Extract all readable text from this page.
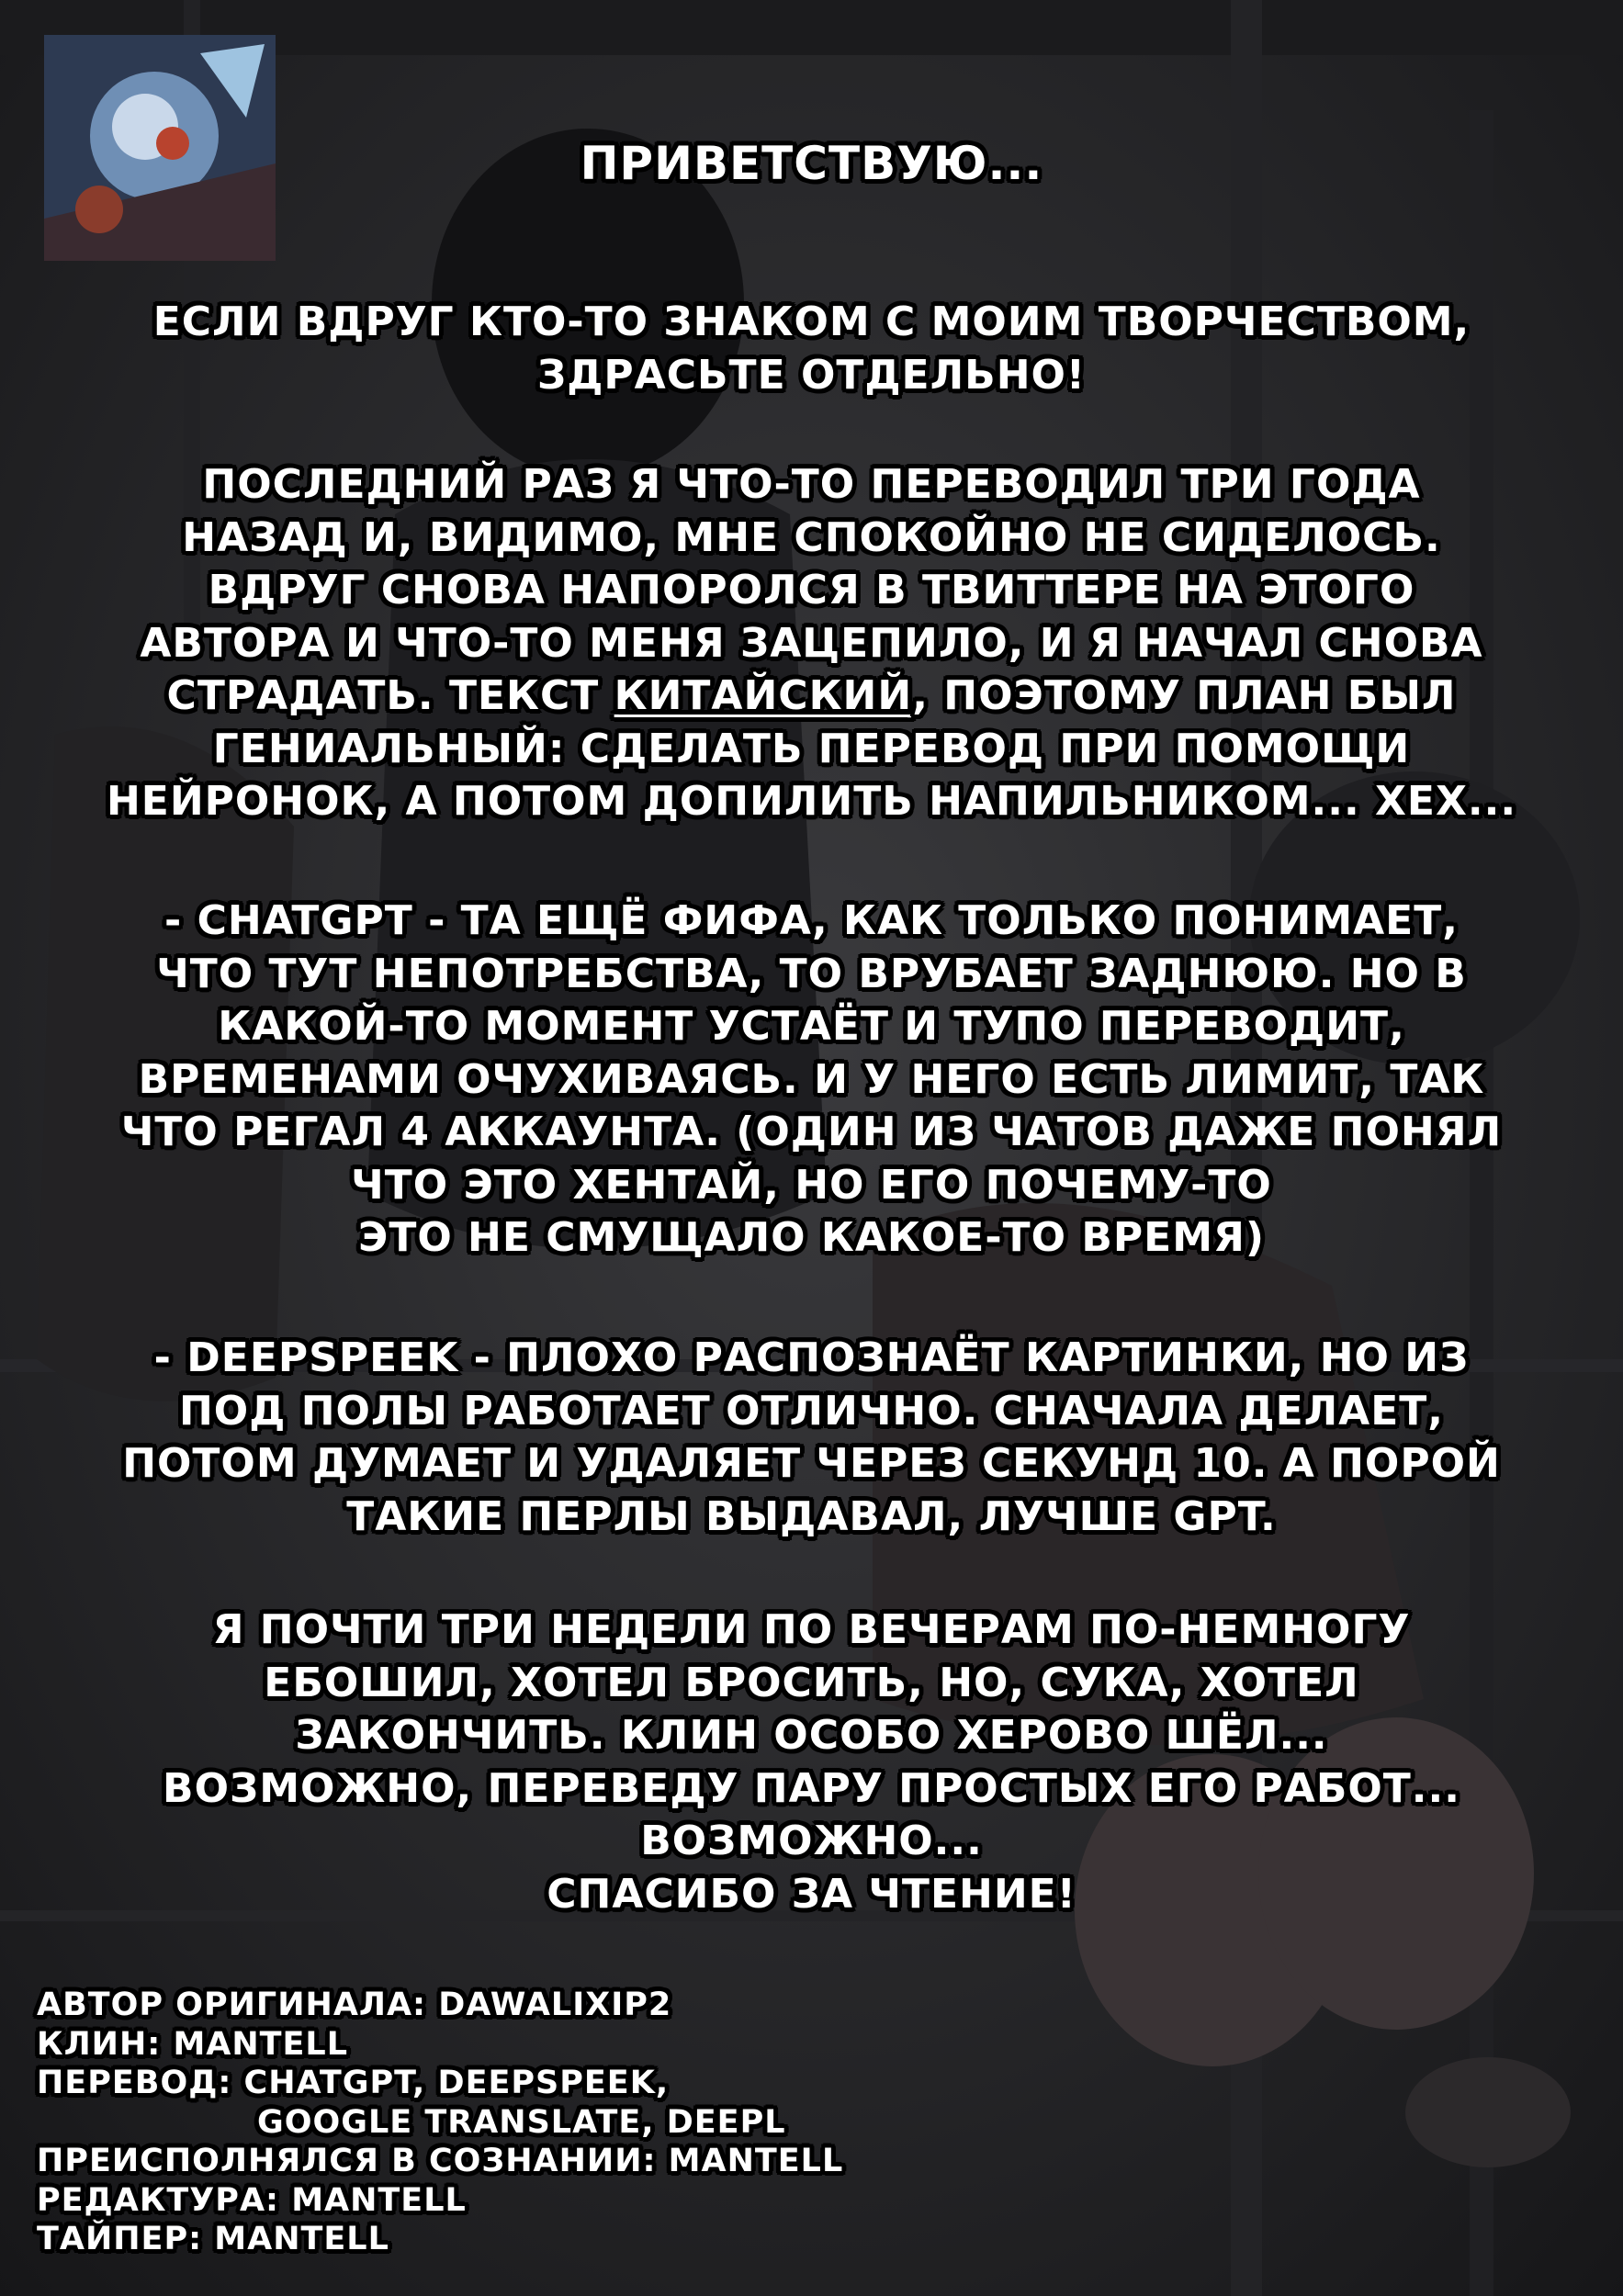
ПРИВЕТСТВУЮ...
ЕСЛИ ВДРУГ КТО-ТО ЗНАКОМ С МОИМ ТВОРЧЕСТВОМ,
ЗДРАСЬТЕ ОТДЕЛЬНО!
ПОСЛЕДНИЙ РАЗ Я ЧТО-ТО ПЕРЕВОДИЛ ТРИ ГОДА
НАЗАД И, ВИДИМО, МНЕ СПОКОЙНО НЕ СИДЕЛОСЬ.
ВДРУГ СНОВА НАПОРОЛСЯ В ТВИТТЕРЕ НА ЭТОГО
АВТОРА И ЧТО-ТО МЕНЯ ЗАЦЕПИЛО, И Я НАЧАЛ СНОВА
СТРАДАТЬ. ТЕКСТ КИТАЙСКИЙ, ПОЭТОМУ ПЛАН БЫЛ
ГЕНИАЛЬНЫЙ: СДЕЛАТЬ ПЕРЕВОД ПРИ ПОМОЩИ
НЕЙРОНОК, А ПОТОМ ДОПИЛИТЬ НАПИЛЬНИКОМ... ХЕХ...
- CHATGPT - ТА ЕЩЁ ФИФА, КАК ТОЛЬКО ПОНИМАЕТ,
ЧТО ТУТ НЕПОТРЕБСТВА, ТО ВРУБАЕТ ЗАДНЮЮ. НО В
КАКОЙ-ТО МОМЕНТ УСТАЁТ И ТУПО ПЕРЕВОДИТ,
ВРЕМЕНАМИ ОЧУХИВАЯСЬ. И У НЕГО ЕСТЬ ЛИМИТ, ТАК
ЧТО РЕГАЛ 4 АККАУНТА. (ОДИН ИЗ ЧАТОВ ДАЖЕ ПОНЯЛ
ЧТО ЭТО ХЕНТАЙ, НО ЕГО ПОЧЕМУ-ТО
ЭТО НЕ СМУЩАЛО КАКОЕ-ТО ВРЕМЯ)
- DEEPSPEEK - ПЛОХО РАСПОЗНАЁТ КАРТИНКИ, НО ИЗ
ПОД ПОЛЫ РАБОТАЕТ ОТЛИЧНО. СНАЧАЛА ДЕЛАЕТ,
ПОТОМ ДУМАЕТ И УДАЛЯЕТ ЧЕРЕЗ СЕКУНД 10. А ПОРОЙ
ТАКИЕ ПЕРЛЫ ВЫДАВАЛ, ЛУЧШЕ GPT.
Я ПОЧТИ ТРИ НЕДЕЛИ ПО ВЕЧЕРАМ ПО-НЕМНОГУ
ЕБОШИЛ, ХОТЕЛ БРОСИТЬ, НО, СУКА, ХОТЕЛ
ЗАКОНЧИТЬ. КЛИН ОСОБО ХЕРОВО ШЁЛ...
ВОЗМОЖНО, ПЕРЕВЕДУ ПАРУ ПРОСТЫХ ЕГО РАБОТ...
ВОЗМОЖНО...
СПАСИБО ЗА ЧТЕНИЕ!
АВТОР ОРИГИНАЛА: DAWALIXIP2
КЛИН: MANTELL
ПЕРЕВОД: CHATGPT, DEEPSPEEK,
GOOGLE TRANSLATE, DEEPL
ПРЕИСПОЛНЯЛСЯ В СОЗНАНИИ: MANTELL
РЕДАКТУРА: MANTELL
ТАЙПЕР: MANTELL
